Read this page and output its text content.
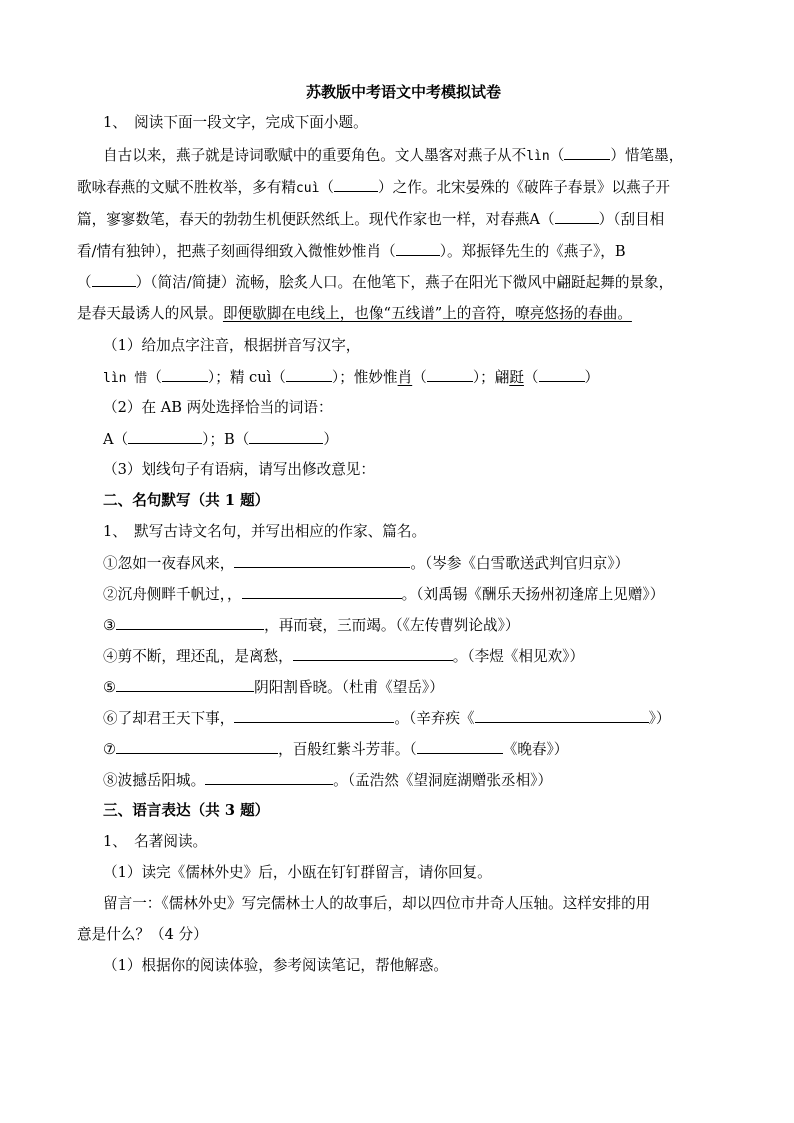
苏教版中考语文中考模拟试卷
1、　阅读下面一段文字，完成下面小题。
自古以来，燕子就是诗词歌赋中的重要角色。文人墨客对燕子从不lìn（	）惜笔墨，
歌咏春燕的文赋不胜枚举，多有精cuì（	）之作。北宋晏殊的《破阵子春景》以燕子开
篇，寥寥数笔，春天的勃勃生机便跃然纸上。现代作家也一样，对春燕A（	）（刮目相
看/情有独钟），把燕子刻画得细致入微惟妙惟肖（	）。郑振铎先生的《燕子》，B
（	）（简洁/简捷）流畅，脍炙人口。在他笔下，燕子在阳光下微风中翩跹起舞的景象，
是春天最诱人的风景。即便歇脚在电线上，也像“五线谱”上的音符，嘹亮悠扬的春曲。
（1）给加点字注音，根据拼音写汉字，
lìn 惜（	）；精 cuì（	）；惟妙惟肖（	）；翩跹（	）
（2）在 AB 两处选择恰当的词语：
A（	）；B（	）
（3）划线句子有语病，请写出修改意见：
二、名句默写（共 1 题）
1、　默写古诗文名句，并写出相应的作家、篇名。
①忽如一夜春风来，	。（岑参《白雪歌送武判官归京》）
②沉舟侧畔千帆过，，	。（刘禹锡《酬乐天扬州初逢席上见赠》）
③	，再而衰，三而竭。（《左传曹刿论战》）
④剪不断，理还乱，是离愁，	。（李煜《相见欢》）
⑤	阴阳割昏晓。（杜甫《望岳》）
⑥了却君王天下事，	。（辛弃疾《	》）
⑦	，百般红紫斗芳菲。（	《晚春》）
⑧波撼岳阳城。	。（孟浩然《望洞庭湖赠张丞相》）
三、语言表达（共 3 题）
1、　名著阅读。
（1）读完《儒林外史》后，小瓯在钉钉群留言，请你回复。
留言一：《儒林外史》写完儒林士人的故事后，却以四位市井奇人压轴。这样安排的用
意是什么？（4 分）
（1）根据你的阅读体验，参考阅读笔记，帮他解惑。
